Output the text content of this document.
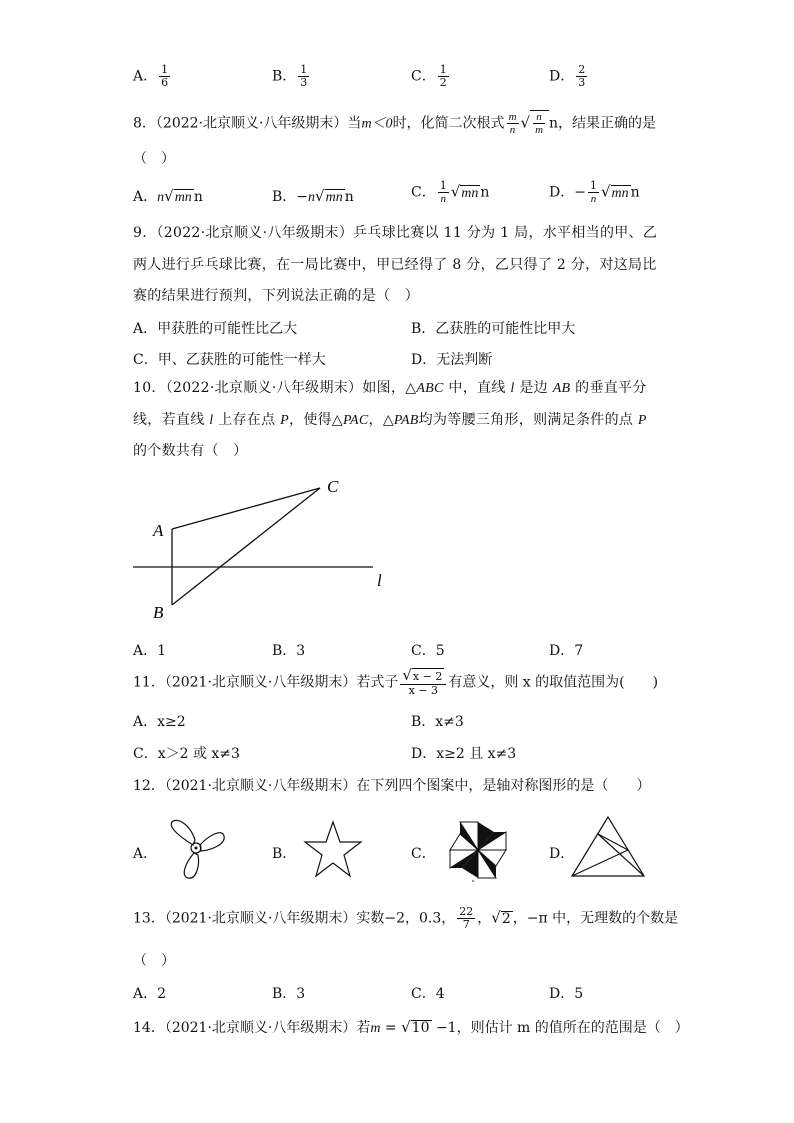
A． $\frac{1}{6}$	B． $\frac{1}{3}$	C． $\frac{1}{2}$	D． $\frac{2}{3}$
8．（2022·北京顺义·八年级期末）当m＜0时，化简二次根式 $\frac{m}{n}$ √ $\frac{n}{m}$ n，结果正确的是
（　）
A．n√mn n	B．−n√mn n	C． $\frac{1}{n} √mn$ n	D．− $\frac{1}{n} √mn$ n
9．（2022·北京顺义·八年级期末）乒乓球比赛以 11 分为 1 局，水平相当的甲、乙两人进行乒乓球比赛，在一局比赛中，甲已经得了 8 分，乙只得了 2 分，对这局比赛的结果进行预判，下列说法正确的是（　）
A．甲获胜的可能性比乙大	B．乙获胜的可能性比甲大
C．甲、乙获胜的可能性一样大	D．无法判断
10．（2022·北京顺义·八年级期末）如图，△ABC 中，直线 l 是边 AB 的垂直平分线，若直线 l 上存在点 P，使得△PAC，△PAB均为等腰三角形，则满足条件的点 P 的个数共有（　）
A
B
C
l
A．1	B．3	C．5	D．7
11．（2021·北京顺义·八年级期末）若式子 $\frac{√x - 2}{x - 3}$ 有意义，则 x 的取值范围为(　　)
A．x≥2	B．x≠3
C．x＞2 或 x≠3	D．x≥2 且 x≠3
12．（2021·北京顺义·八年级期末）在下列四个图案中，是轴对称图形的是（　　）
A．	B．	C．	D．
13．（2021·北京顺义·八年级期末）实数−2，0.3， $\frac{22}{7}$ ，√2 ，−π 中，无理数的个数是
（　）
A．2	B．3	C．4	D．5
14．（2021·北京顺义·八年级期末）若m = √10 −1，则估计 m 的值所在的范围是（　）
